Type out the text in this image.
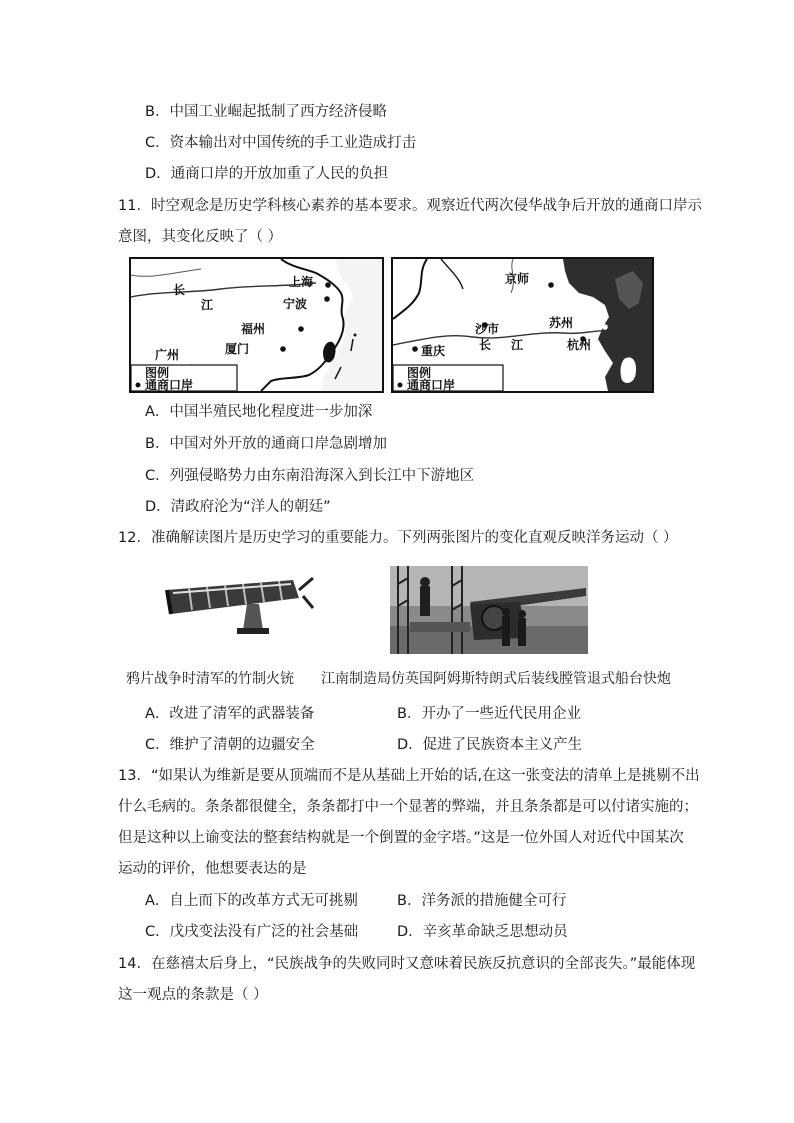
B．中国工业崛起抵制了西方经济侵略
C．资本输出对中国传统的手工业造成打击
D．通商口岸的开放加重了人民的负担
11．时空观念是历史学科核心素养的基本要求。观察近代两次侵华战争后开放的通商口岸示
意图，其变化反映了（ ）
长
江
上海
宁波
福州
厦门
广州
图例
通商口岸
京师
苏州
沙市
长 江
重庆	杭州
图例
通商口岸
A．中国半殖民地化程度进一步加深
B．中国对外开放的通商口岸急剧增加
C．列强侵略势力由东南沿海深入到长江中下游地区
D．清政府沦为“洋人的朝廷”
12．准确解读图片是历史学习的重要能力。下列两张图片的变化直观反映洋务运动（ ）
鸦片战争时清军的竹制火铳 江南制造局仿英国阿姆斯特朗式后装线膛管退式船台快炮
A．改进了清军的武器装备	B．开办了一些近代民用企业
C．维护了清朝的边疆安全	D．促进了民族资本主义产生
13．“如果认为维新是要从顶端而不是从基础上开始的话,在这一张变法的清单上是挑剔不出
什么毛病的。条条都很健全，条条都打中一个显著的弊端，并且条条都是可以付诸实施的；
但是这种以上谕变法的整套结构就是一个倒置的金字塔。”这是一位外国人对近代中国某次
运动的评价，他想要表达的是
A．自上而下的改革方式无可挑剔	B．洋务派的措施健全可行
C．戊戌变法没有广泛的社会基础	D．辛亥革命缺乏思想动员
14．在慈禧太后身上，“民族战争的失败同时又意味着民族反抗意识的全部丧失。”最能体现
这一观点的条款是（ ）
